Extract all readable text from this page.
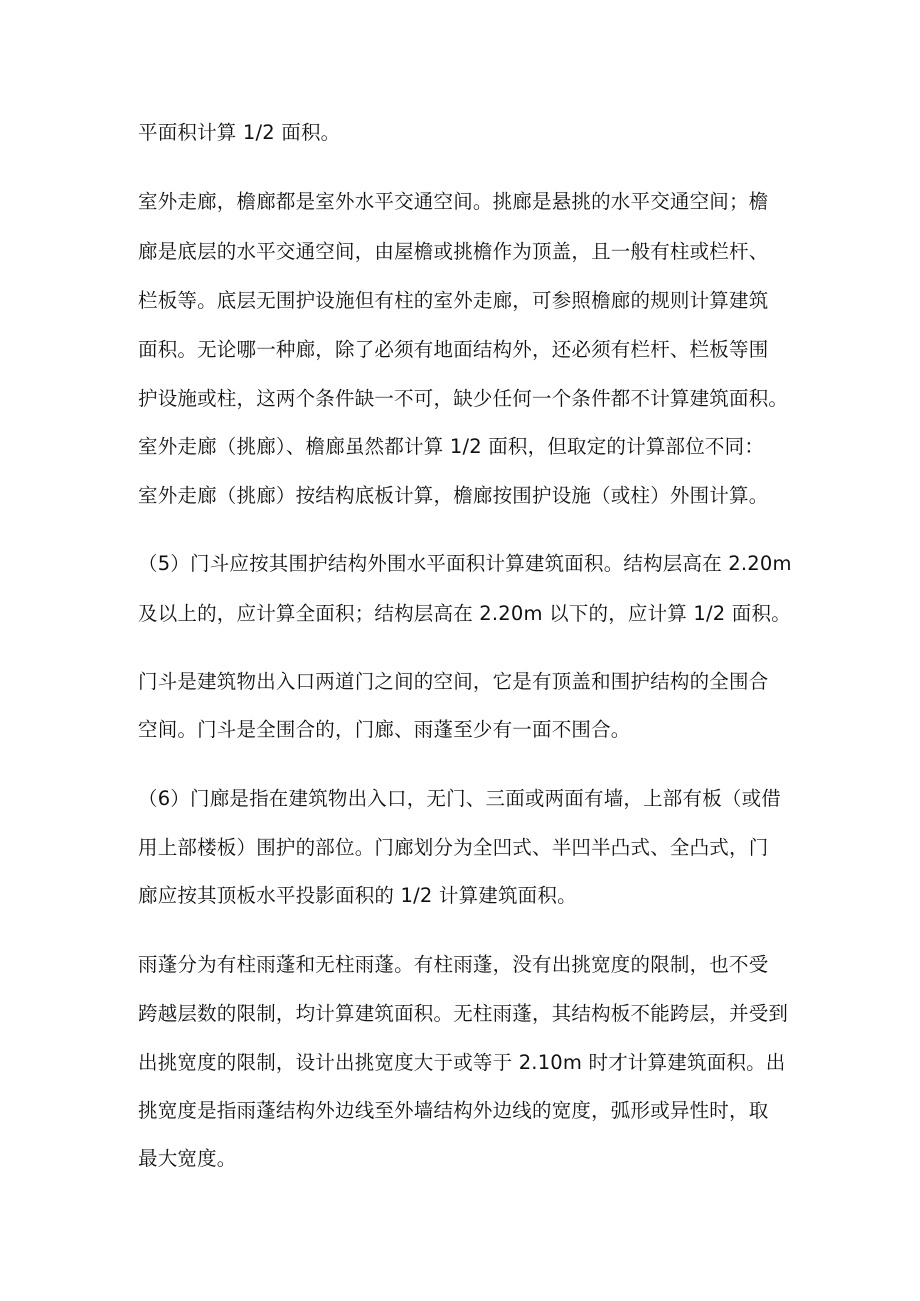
平面积计算 1/2 面积。
室外走廊，檐廊都是室外水平交通空间。挑廊是悬挑的水平交通空间；檐
廊是底层的水平交通空间，由屋檐或挑檐作为顶盖，且一般有柱或栏杆、
栏板等。底层无围护设施但有柱的室外走廊，可参照檐廊的规则计算建筑
面积。无论哪一种廊，除了必须有地面结构外，还必须有栏杆、栏板等围
护设施或柱，这两个条件缺一不可，缺少任何一个条件都不计算建筑面积。
室外走廊（挑廊）、檐廊虽然都计算 1/2 面积，但取定的计算部位不同：
室外走廊（挑廊）按结构底板计算，檐廊按围护设施（或柱）外围计算。
（5）门斗应按其围护结构外围水平面积计算建筑面积。结构层高在 2.20m
及以上的，应计算全面积；结构层高在 2.20m 以下的，应计算 1/2 面积。
门斗是建筑物出入口两道门之间的空间，它是有顶盖和围护结构的全围合
空间。门斗是全围合的，门廊、雨蓬至少有一面不围合。
（6）门廊是指在建筑物出入口，无门、三面或两面有墙，上部有板（或借
用上部楼板）围护的部位。门廊划分为全凹式、半凹半凸式、全凸式，门
廊应按其顶板水平投影面积的 1/2 计算建筑面积。
雨蓬分为有柱雨蓬和无柱雨蓬。有柱雨蓬，没有出挑宽度的限制，也不受
跨越层数的限制，均计算建筑面积。无柱雨蓬，其结构板不能跨层，并受到
出挑宽度的限制，设计出挑宽度大于或等于 2.10m 时才计算建筑面积。出
挑宽度是指雨蓬结构外边线至外墙结构外边线的宽度，弧形或异性时，取
最大宽度。
